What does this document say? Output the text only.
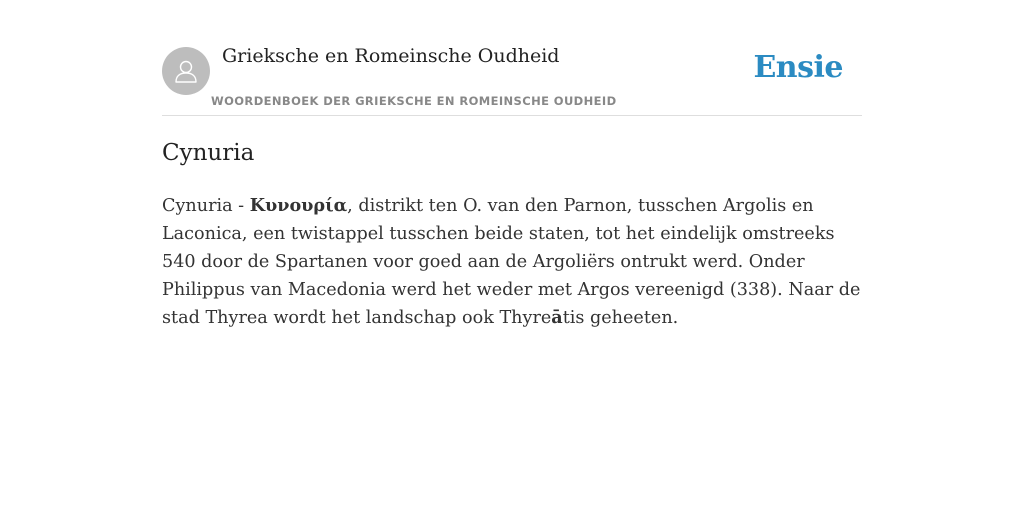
Grieksche en Romeinsche Oudheid
WOORDENBOEK DER GRIEKSCHE EN ROMEINSCHE OUDHEID
Ensie
Cynuria

Cynuria - Κυνουρία, distrikt ten O. van den Parnon, tusschen Argolis en Laconica, een twistappel tusschen beide staten, tot het eindelijk omstreeks 540 door de Spartanen voor goed aan de Argoliërs ontrukt werd. Onder Philippus van Macedonia werd het weder met Argos vereenigd (338). Naar de stad Thyrea wordt het landschap ook Thyreātis geheeten.
